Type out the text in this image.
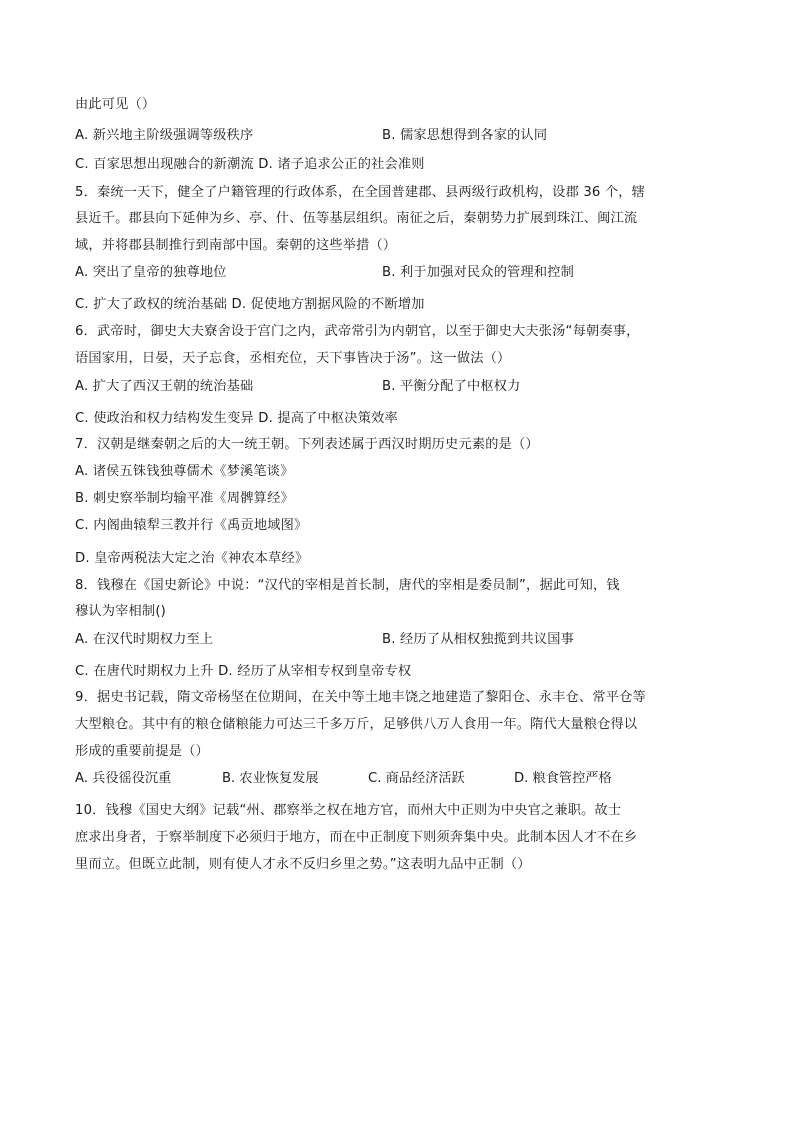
由此可见（）
A. 新兴地主阶级强调等级秩序	B. 儒家思想得到各家的认同
C. 百家思想出现融合的新潮流 D. 诸子追求公正的社会准则
5．秦统一天下，健全了户籍管理的行政体系，在全国普建郡、县两级行政机构，设郡 36 个，辖
县近千。郡县向下延伸为乡、亭、什、伍等基层组织。南征之后，秦朝势力扩展到珠江、闽江流
域，并将郡县制推行到南部中国。秦朝的这些举措（）
A. 突出了皇帝的独尊地位	B. 利于加强对民众的管理和控制
C. 扩大了政权的统治基础 D. 促使地方割据风险的不断增加
6．武帝时，御史大夫寮舍设于宫门之内，武帝常引为内朝官，以至于御史大夫张汤“每朝奏事，
语国家用，日晏，天子忘食，丞相充位，天下事皆决于汤”。这一做法（）
A. 扩大了西汉王朝的统治基础	B. 平衡分配了中枢权力
C. 使政治和权力结构发生变异 D. 提高了中枢决策效率
7．汉朝是继秦朝之后的大一统王朝。下列表述属于西汉时期历史元素的是（）
A. 诸侯五铢钱独尊儒术《梦溪笔谈》
B. 刺史察举制均输平准《周髀算经》
C. 内阁曲辕犁三教并行《禹贡地域图》
D. 皇帝两税法大定之治《神农本草经》
8．钱穆在《国史新论》中说：“汉代的宰相是首长制，唐代的宰相是委员制”，据此可知，钱
穆认为宰相制()
A. 在汉代时期权力至上	B. 经历了从相权独揽到共议国事
C. 在唐代时期权力上升 D. 经历了从宰相专权到皇帝专权
9．据史书记载，隋文帝杨坚在位期间，在关中等土地丰饶之地建造了黎阳仓、永丰仓、常平仓等
大型粮仓。其中有的粮仓储粮能力可达三千多万斤，足够供八万人食用一年。隋代大量粮仓得以
形成的重要前提是（）
A. 兵役徭役沉重	B. 农业恢复发展	C. 商品经济活跃	D. 粮食管控严格
10．钱穆《国史大纲》记载“州、郡察举之权在地方官，而州大中正则为中央官之兼职。故士
庶求出身者，于察举制度下必须归于地方，而在中正制度下则须奔集中央。此制本因人才不在乡
里而立。但既立此制，则有使人才永不反归乡里之势。”这表明九品中正制（）
